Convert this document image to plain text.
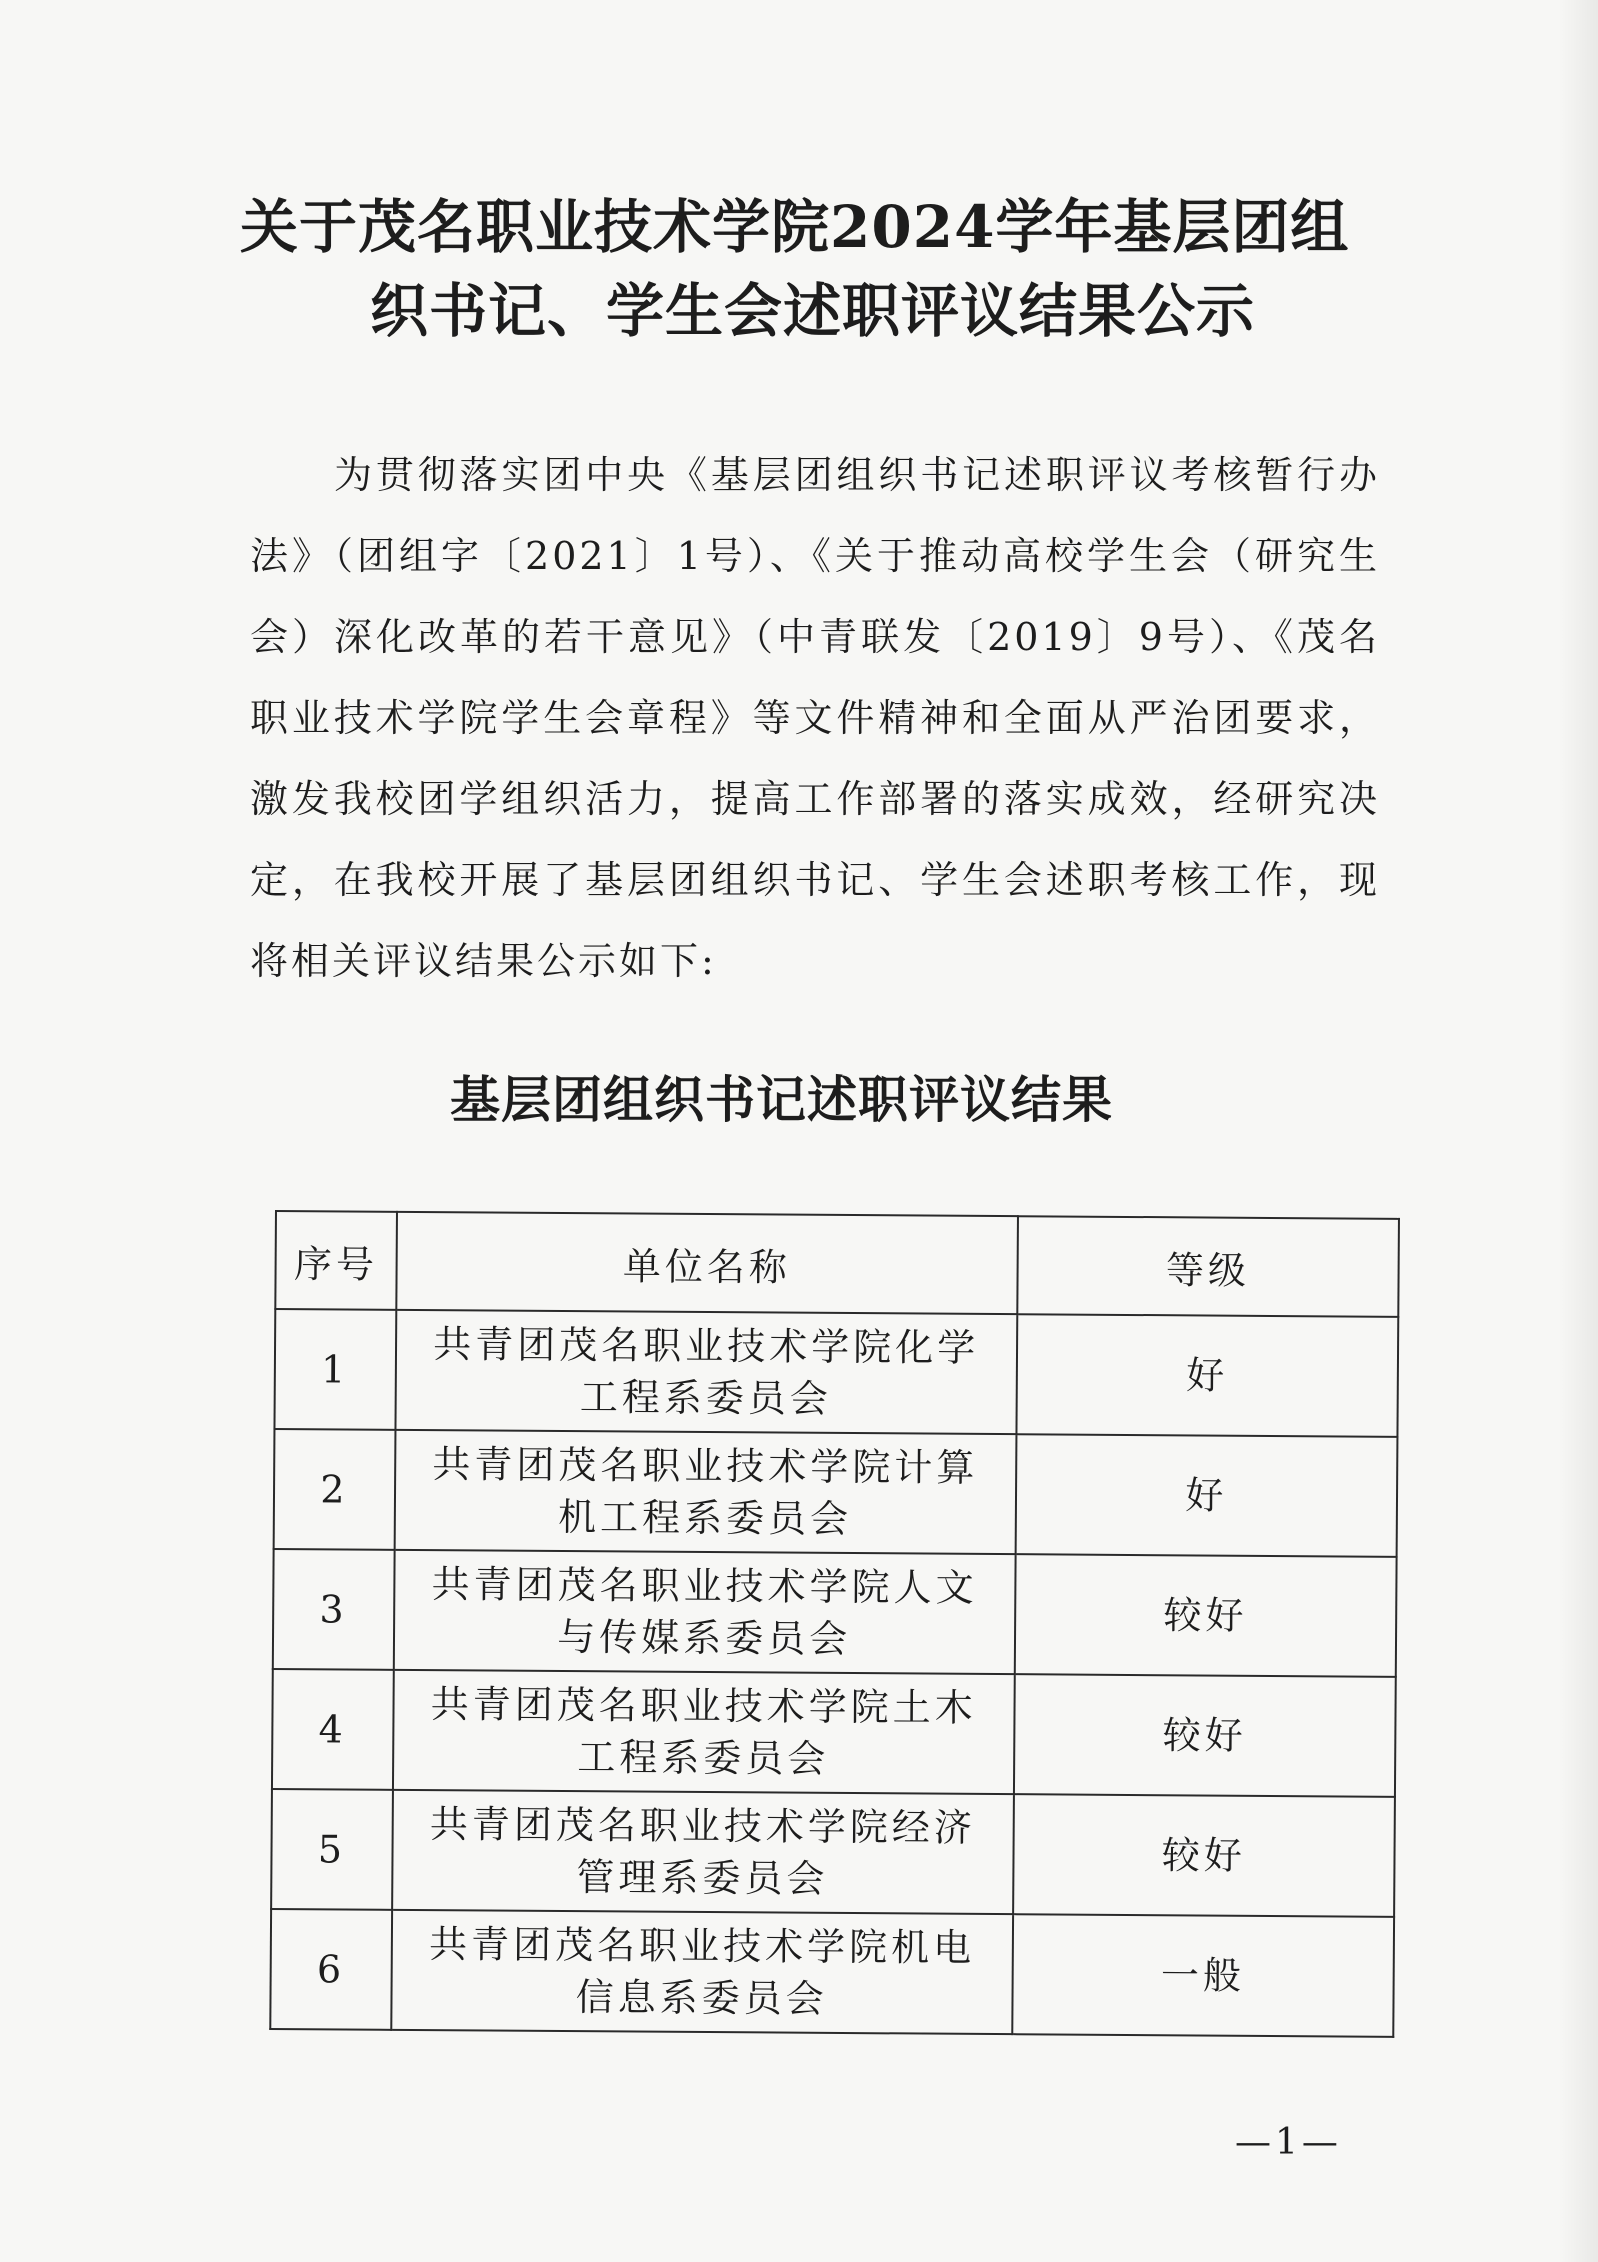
关于茂名职业技术学院2024学年基层团组
织书记、学生会述职评议结果公示

为贯彻落实团中央《基层团组织书记述职评议考核暂行办法》（团组字〔2021〕1号）、《关于推动高校学生会（研究生会）深化改革的若干意见》（中青联发〔2019〕9号）、《茂名职业技术学院学生会章程》等文件精神和全面从严治团要求，激发我校团学组织活力，提高工作部署的落实成效，经研究决定，在我校开展了基层团组织书记、学生会述职考核工作，现将相关评议结果公示如下:

基层团组织书记述职评议结果
序号	单位名称	等级
1	共青团茂名职业技术学院化学工程系委员会	好
2	共青团茂名职业技术学院计算机工程系委员会	好
3	共青团茂名职业技术学院人文与传媒系委员会	较好
4	共青团茂名职业技术学院土木工程系委员会	较好
5	共青团茂名职业技术学院经济管理系委员会	较好
6	共青团茂名职业技术学院机电信息系委员会	一般
—1—
